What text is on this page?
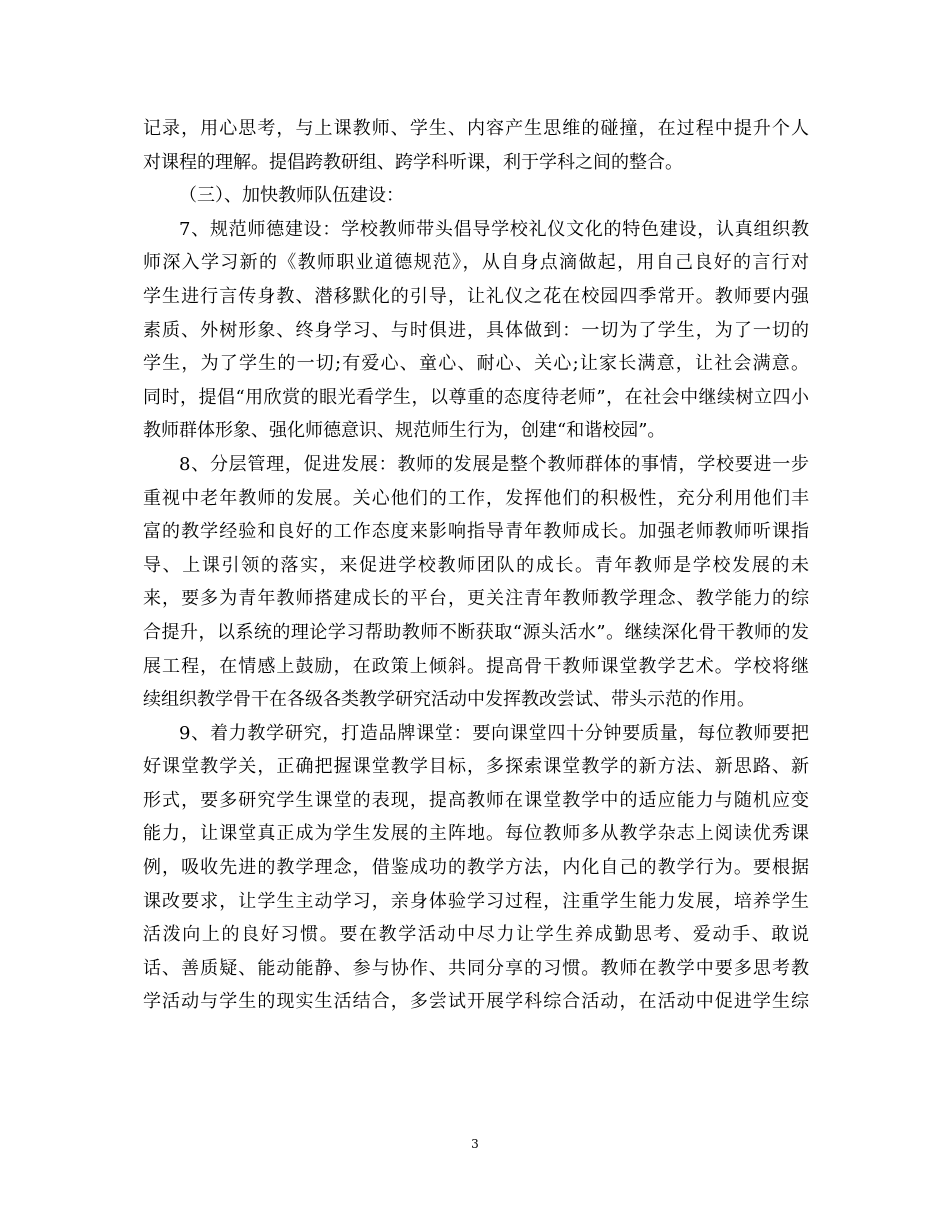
记录，用心思考，与上课教师、学生、内容产生思维的碰撞，在过程中提升个人
对课程的理解。提倡跨教研组、跨学科听课，利于学科之间的整合。
（三）、加快教师队伍建设：
7、规范师德建设：学校教师带头倡导学校礼仪文化的特色建设，认真组织教
师深入学习新的《教师职业道德规范》，从自身点滴做起，用自己良好的言行对
学生进行言传身教、潜移默化的引导，让礼仪之花在校园四季常开。教师要内强
素质、外树形象、终身学习、与时俱进，具体做到：一切为了学生，为了一切的
学生，为了学生的一切;有爱心、童心、耐心、关心;让家长满意，让社会满意。
同时，提倡“用欣赏的眼光看学生，以尊重的态度待老师”，在社会中继续树立四小
教师群体形象、强化师德意识、规范师生行为，创建“和谐校园”。
8、分层管理，促进发展：教师的发展是整个教师群体的事情，学校要进一步
重视中老年教师的发展。关心他们的工作，发挥他们的积极性，充分利用他们丰
富的教学经验和良好的工作态度来影响指导青年教师成长。加强老师教师听课指
导、上课引领的落实，来促进学校教师团队的成长。青年教师是学校发展的未
来，要多为青年教师搭建成长的平台，更关注青年教师教学理念、教学能力的综
合提升，以系统的理论学习帮助教师不断获取“源头活水”。继续深化骨干教师的发
展工程，在情感上鼓励，在政策上倾斜。提高骨干教师课堂教学艺术。学校将继
续组织教学骨干在各级各类教学研究活动中发挥教改尝试、带头示范的作用。
9、着力教学研究，打造品牌课堂：要向课堂四十分钟要质量，每位教师要把
好课堂教学关，正确把握课堂教学目标，多探索课堂教学的新方法、新思路、新
形式，要多研究学生课堂的表现，提高教师在课堂教学中的适应能力与随机应变
能力，让课堂真正成为学生发展的主阵地。每位教师多从教学杂志上阅读优秀课
例，吸收先进的教学理念，借鉴成功的教学方法，内化自己的教学行为。要根据
课改要求，让学生主动学习，亲身体验学习过程，注重学生能力发展，培养学生
活泼向上的良好习惯。要在教学活动中尽力让学生养成勤思考、爱动手、敢说
话、善质疑、能动能静、参与协作、共同分享的习惯。教师在教学中要多思考教
学活动与学生的现实生活结合，多尝试开展学科综合活动，在活动中促进学生综
3
